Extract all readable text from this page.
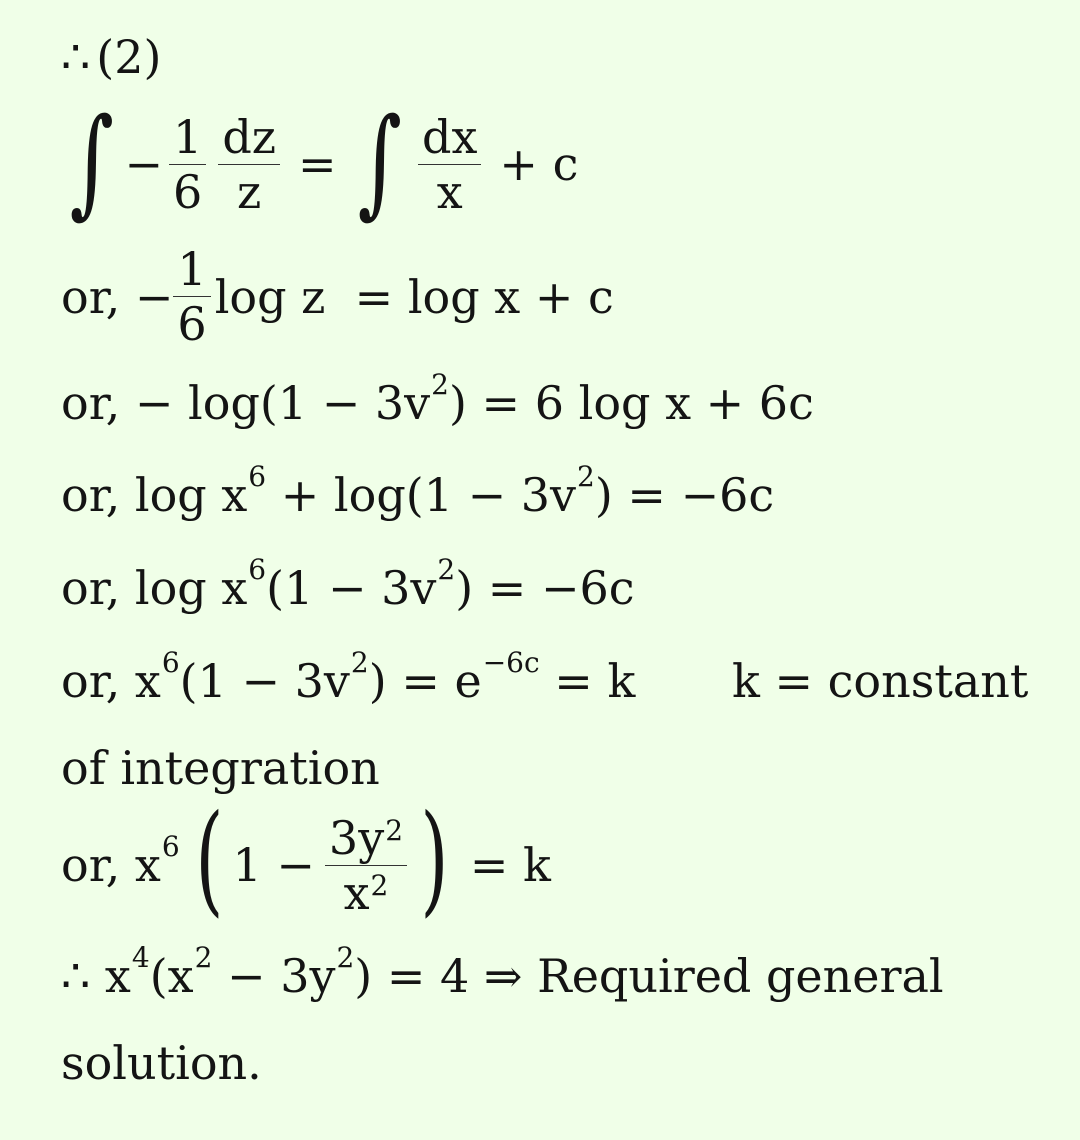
∴ (2)
∫ − $\frac{1}{6} \frac{dz}{z}$ = ∫ $\frac{dx}{x} + c$
or, − $\frac{1}{6}$ log z  = log x + c
or, − log(1 − 3v 2 ) = 6 log x + 6c
or, log x 6 + log(1 − 3v 2 ) = −6c
or, log x 6 (1 − 3v 2 ) = −6c
or, x 6 (1 − 3v 2 ) = e −6c = k k = constant
of integration
or, x 6 ( $1 - \frac{3y^2}{x^2}$ ) = k
∴ x 4 (x 2 − 3y 2 ) = 4 ⇒ Required general
solution.
